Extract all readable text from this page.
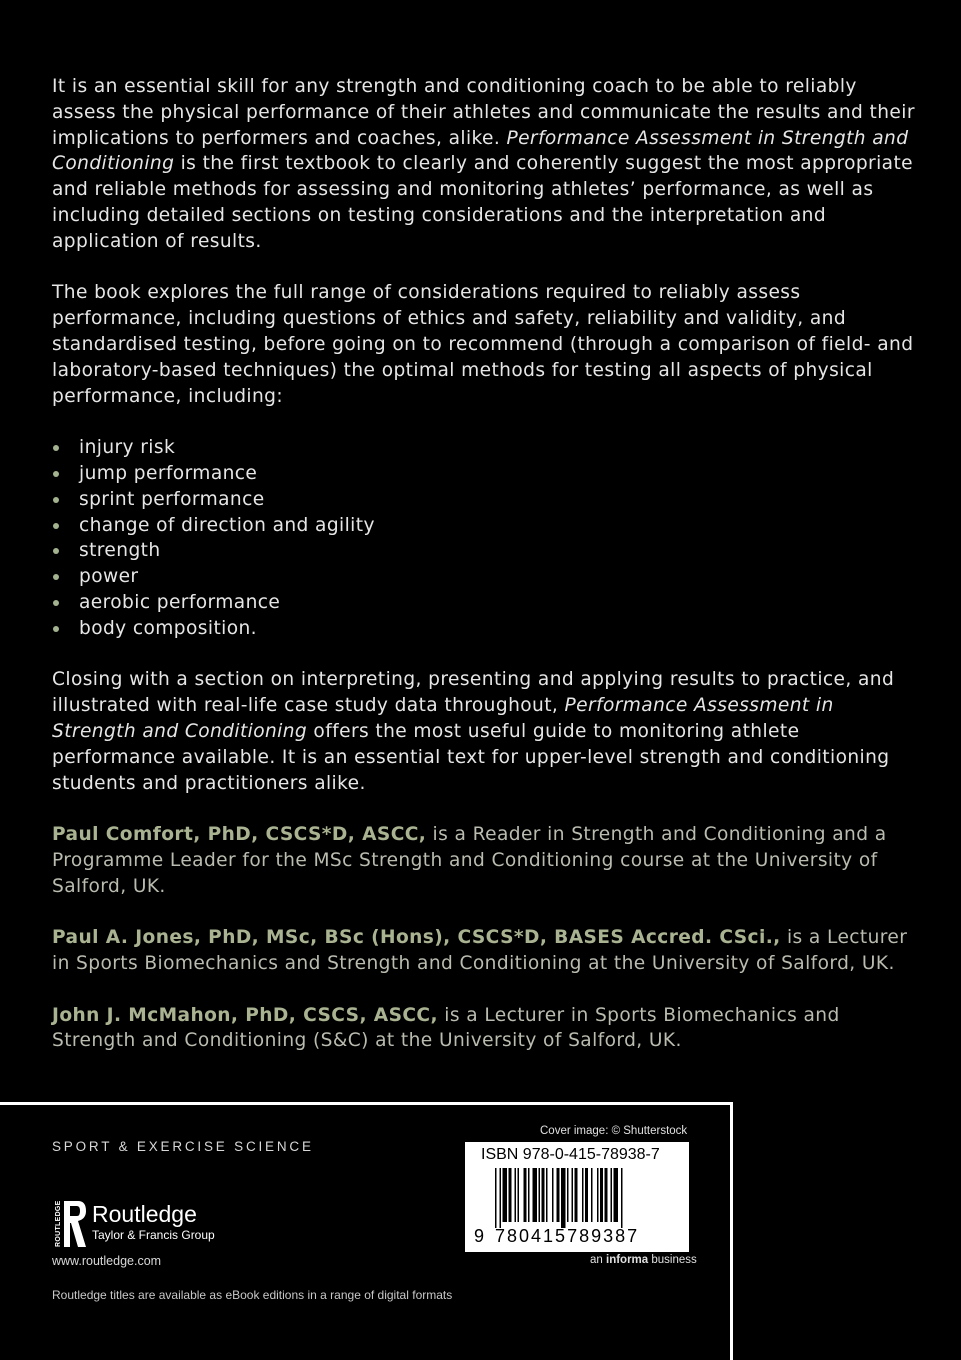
It is an essential skill for any strength and conditioning coach to be able to reliably assess the physical performance of their athletes and communicate the results and their implications to performers and coaches, alike. Performance Assessment in Strength and Conditioning is the first textbook to clearly and coherently suggest the most appropriate and reliable methods for assessing and monitoring athletes’ performance, as well as including detailed sections on testing considerations and the interpretation and application of results.

The book explores the full range of considerations required to reliably assess performance, including questions of ethics and safety, reliability and validity, and standardised testing, before going on to recommend (through a comparison of field- and laboratory-based techniques) the optimal methods for testing all aspects of physical performance, including:

injury risk
jump performance
sprint performance
change of direction and agility
strength
power
aerobic performance
body composition.

Closing with a section on interpreting, presenting and applying results to practice, and illustrated with real-life case study data throughout, Performance Assessment in Strength and Conditioning offers the most useful guide to monitoring athlete performance available. It is an essential text for upper-level strength and conditioning students and practitioners alike.

Paul Comfort, PhD, CSCS*D, ASCC, is a Reader in Strength and Conditioning and a Programme Leader for the MSc Strength and Conditioning course at the University of Salford, UK.

Paul A. Jones, PhD, MSc, BSc (Hons), CSCS*D, BASES Accred. CSci., is a Lecturer in Sports Biomechanics and Strength and Conditioning at the University of Salford, UK.

John J. McMahon, PhD, CSCS, ASCC, is a Lecturer in Sports Biomechanics and Strength and Conditioning (S&C) at the University of Salford, UK.

SPORT & EXERCISE SCIENCE
ROUTLEDGE Routledge
Taylor & Francis Group
www.routledge.com
Routledge titles are available as eBook editions in a range of digital formats
Cover image: © Shutterstock
ISBN 978-0-415-78938-7
9 780415789387
an informa business
